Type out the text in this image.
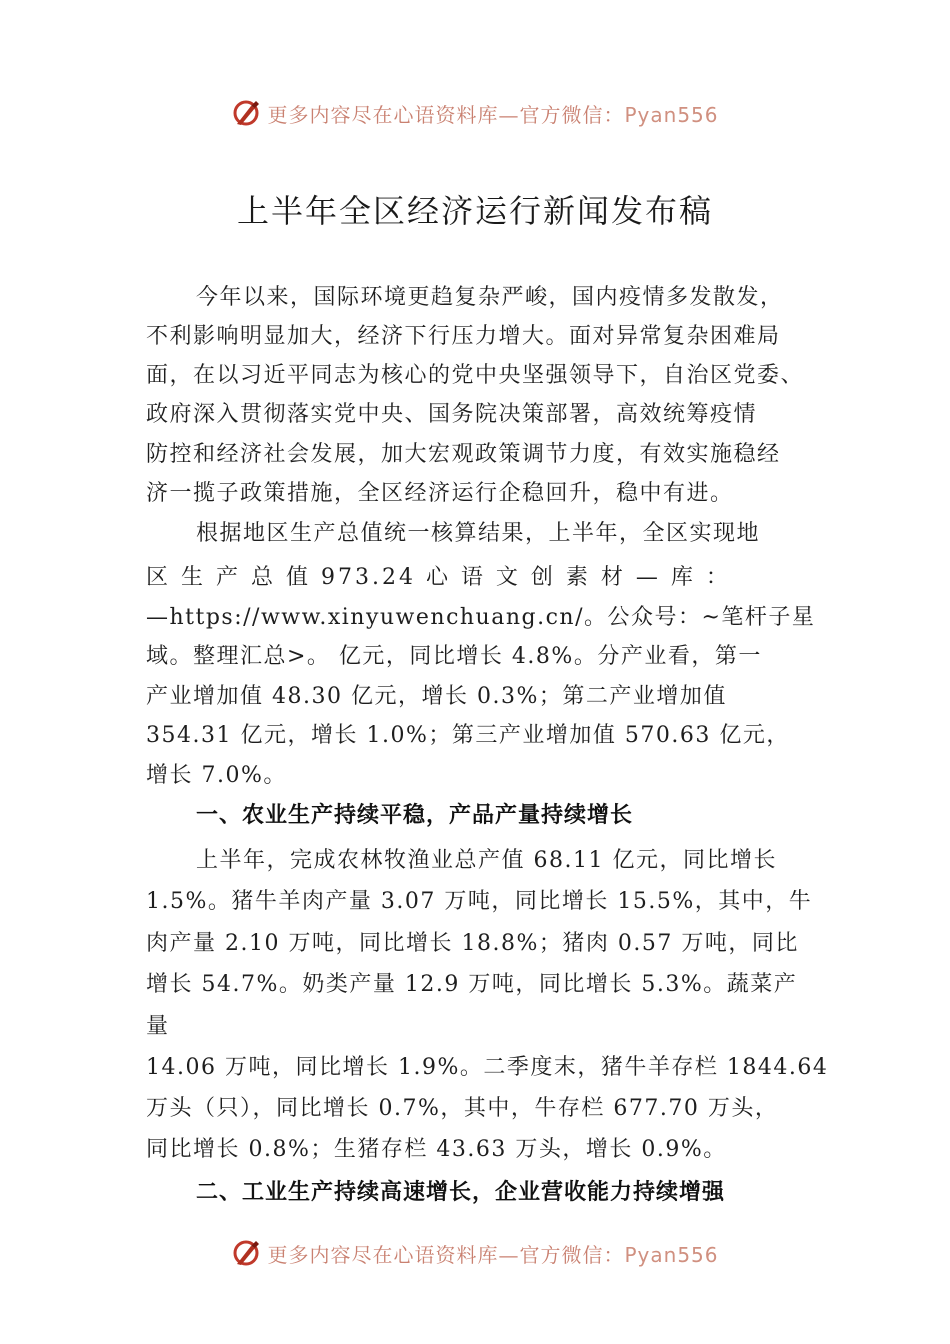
更多内容尽在心语资料库—官方微信：Pyan556
上半年全区经济运行新闻发布稿
今年以来，国际环境更趋复杂严峻，国内疫情多发散发，
不利影响明显加大，经济下行压力增大。面对异常复杂困难局
面，在以习近平同志为核心的党中央坚强领导下，自治区党委、
政府深入贯彻落实党中央、国务院决策部署，高效统筹疫情
防控和经济社会发展，加大宏观政策调节力度，有效实施稳经
济一揽子政策措施，全区经济运行企稳回升，稳中有进。
根据地区生产总值统一核算结果，上半年，全区实现地
区 生 产 总 值 973.24 心 语 文 创 素 材 — 库 ：
—https://www.xinyuwenchuang.cn/。公众号：~笔杆子星
域。整理汇总>。 亿元，同比增长 4.8%。分产业看，第一
产业增加值 48.30 亿元，增长 0.3%；第二产业增加值
354.31 亿元，增长 1.0%；第三产业增加值 570.63 亿元，
增长 7.0%。
一、农业生产持续平稳，产品产量持续增长
上半年，完成农林牧渔业总产值 68.11 亿元，同比增长
1.5%。猪牛羊肉产量 3.07 万吨，同比增长 15.5%，其中，牛
肉产量 2.10 万吨，同比增长 18.8%；猪肉 0.57 万吨，同比
增长 54.7%。奶类产量 12.9 万吨，同比增长 5.3%。蔬菜产
量
14.06 万吨，同比增长 1.9%。二季度末，猪牛羊存栏 1844.64
万头（只），同比增长 0.7%，其中，牛存栏 677.70 万头，
同比增长 0.8%；生猪存栏 43.63 万头，增长 0.9%。
二、工业生产持续高速增长，企业营收能力持续增强
更多内容尽在心语资料库—官方微信：Pyan556
